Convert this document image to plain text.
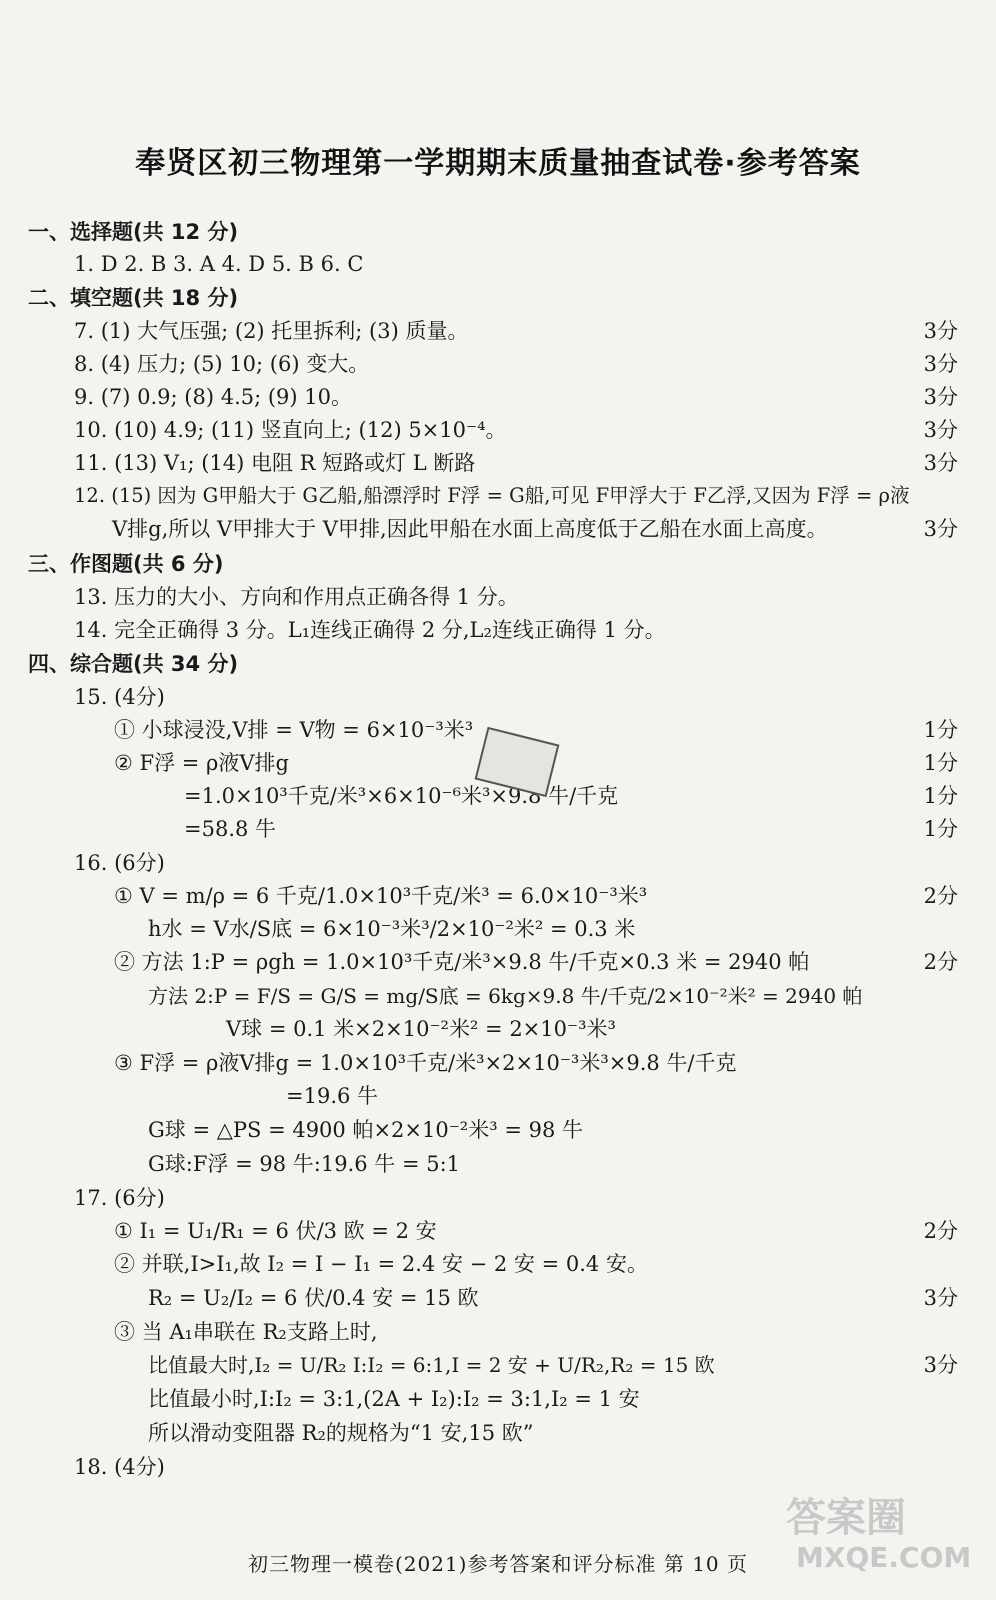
奉贤区初三物理第一学期期末质量抽查试卷·参考答案
一、选择题(共 12 分)
1. D 2. B 3. A 4. D 5. B 6. C
二、填空题(共 18 分)
7. (1) 大气压强; (2) 托里拆利; (3) 质量。	3分
8. (4) 压力; (5) 10; (6) 变大。	3分
9. (7) 0.9; (8) 4.5; (9) 10。	3分
10. (10) 4.9; (11) 竖直向上; (12) 5×10⁻⁴。	3分
11. (13) V₁; (14) 电阻 R 短路或灯 L 断路	3分
12. (15) 因为 G甲船大于 G乙船,船漂浮时 F浮 = G船,可见 F甲浮大于 F乙浮,又因为 F浮 = ρ液
V排g,所以 V甲排大于 V甲排,因此甲船在水面上高度低于乙船在水面上高度。	3分
三、作图题(共 6 分)
13. 压力的大小、方向和作用点正确各得 1 分。
14. 完全正确得 3 分。L₁连线正确得 2 分,L₂连线正确得 1 分。
四、综合题(共 34 分)
15. (4分)
① 小球浸没,V排 = V物 = 6×10⁻³米³	1分
② F浮 = ρ液V排g	1分
=1.0×10³千克/米³×6×10⁻⁶米³×9.8 牛/千克	1分
=58.8 牛	1分
16. (6分)
① V = m/ρ = 6 千克/1.0×10³千克/米³ = 6.0×10⁻³米³	2分
h水 = V水/S底 = 6×10⁻³米³/2×10⁻²米² = 0.3 米
② 方法 1:P = ρgh = 1.0×10³千克/米³×9.8 牛/千克×0.3 米 = 2940 帕	2分
方法 2:P = F/S = G/S = mg/S底 = 6kg×9.8 牛/千克/2×10⁻²米² = 2940 帕
V球 = 0.1 米×2×10⁻²米² = 2×10⁻³米³
③ F浮 = ρ液V排g = 1.0×10³千克/米³×2×10⁻³米³×9.8 牛/千克
=19.6 牛
G球 = △PS = 4900 帕×2×10⁻²米³ = 98 牛
G球:F浮 = 98 牛:19.6 牛 = 5:1
17. (6分)
① I₁ = U₁/R₁ = 6 伏/3 欧 = 2 安	2分
② 并联,I>I₁,故 I₂ = I − I₁ = 2.4 安 − 2 安 = 0.4 安。
R₂ = U₂/I₂ = 6 伏/0.4 安 = 15 欧	3分
③ 当 A₁串联在 R₂支路上时,
比值最大时,I₂ = U/R₂ I:I₂ = 6:1,I = 2 安 + U/R₂,R₂ = 15 欧	3分
比值最小时,I:I₂ = 3:1,(2A + I₂):I₂ = 3:1,I₂ = 1 安
所以滑动变阻器 R₂的规格为“1 安,15 欧”
18. (4分)
初三物理一模卷(2021)参考答案和评分标准 第 10 页
答案圈
MXQE.COM
